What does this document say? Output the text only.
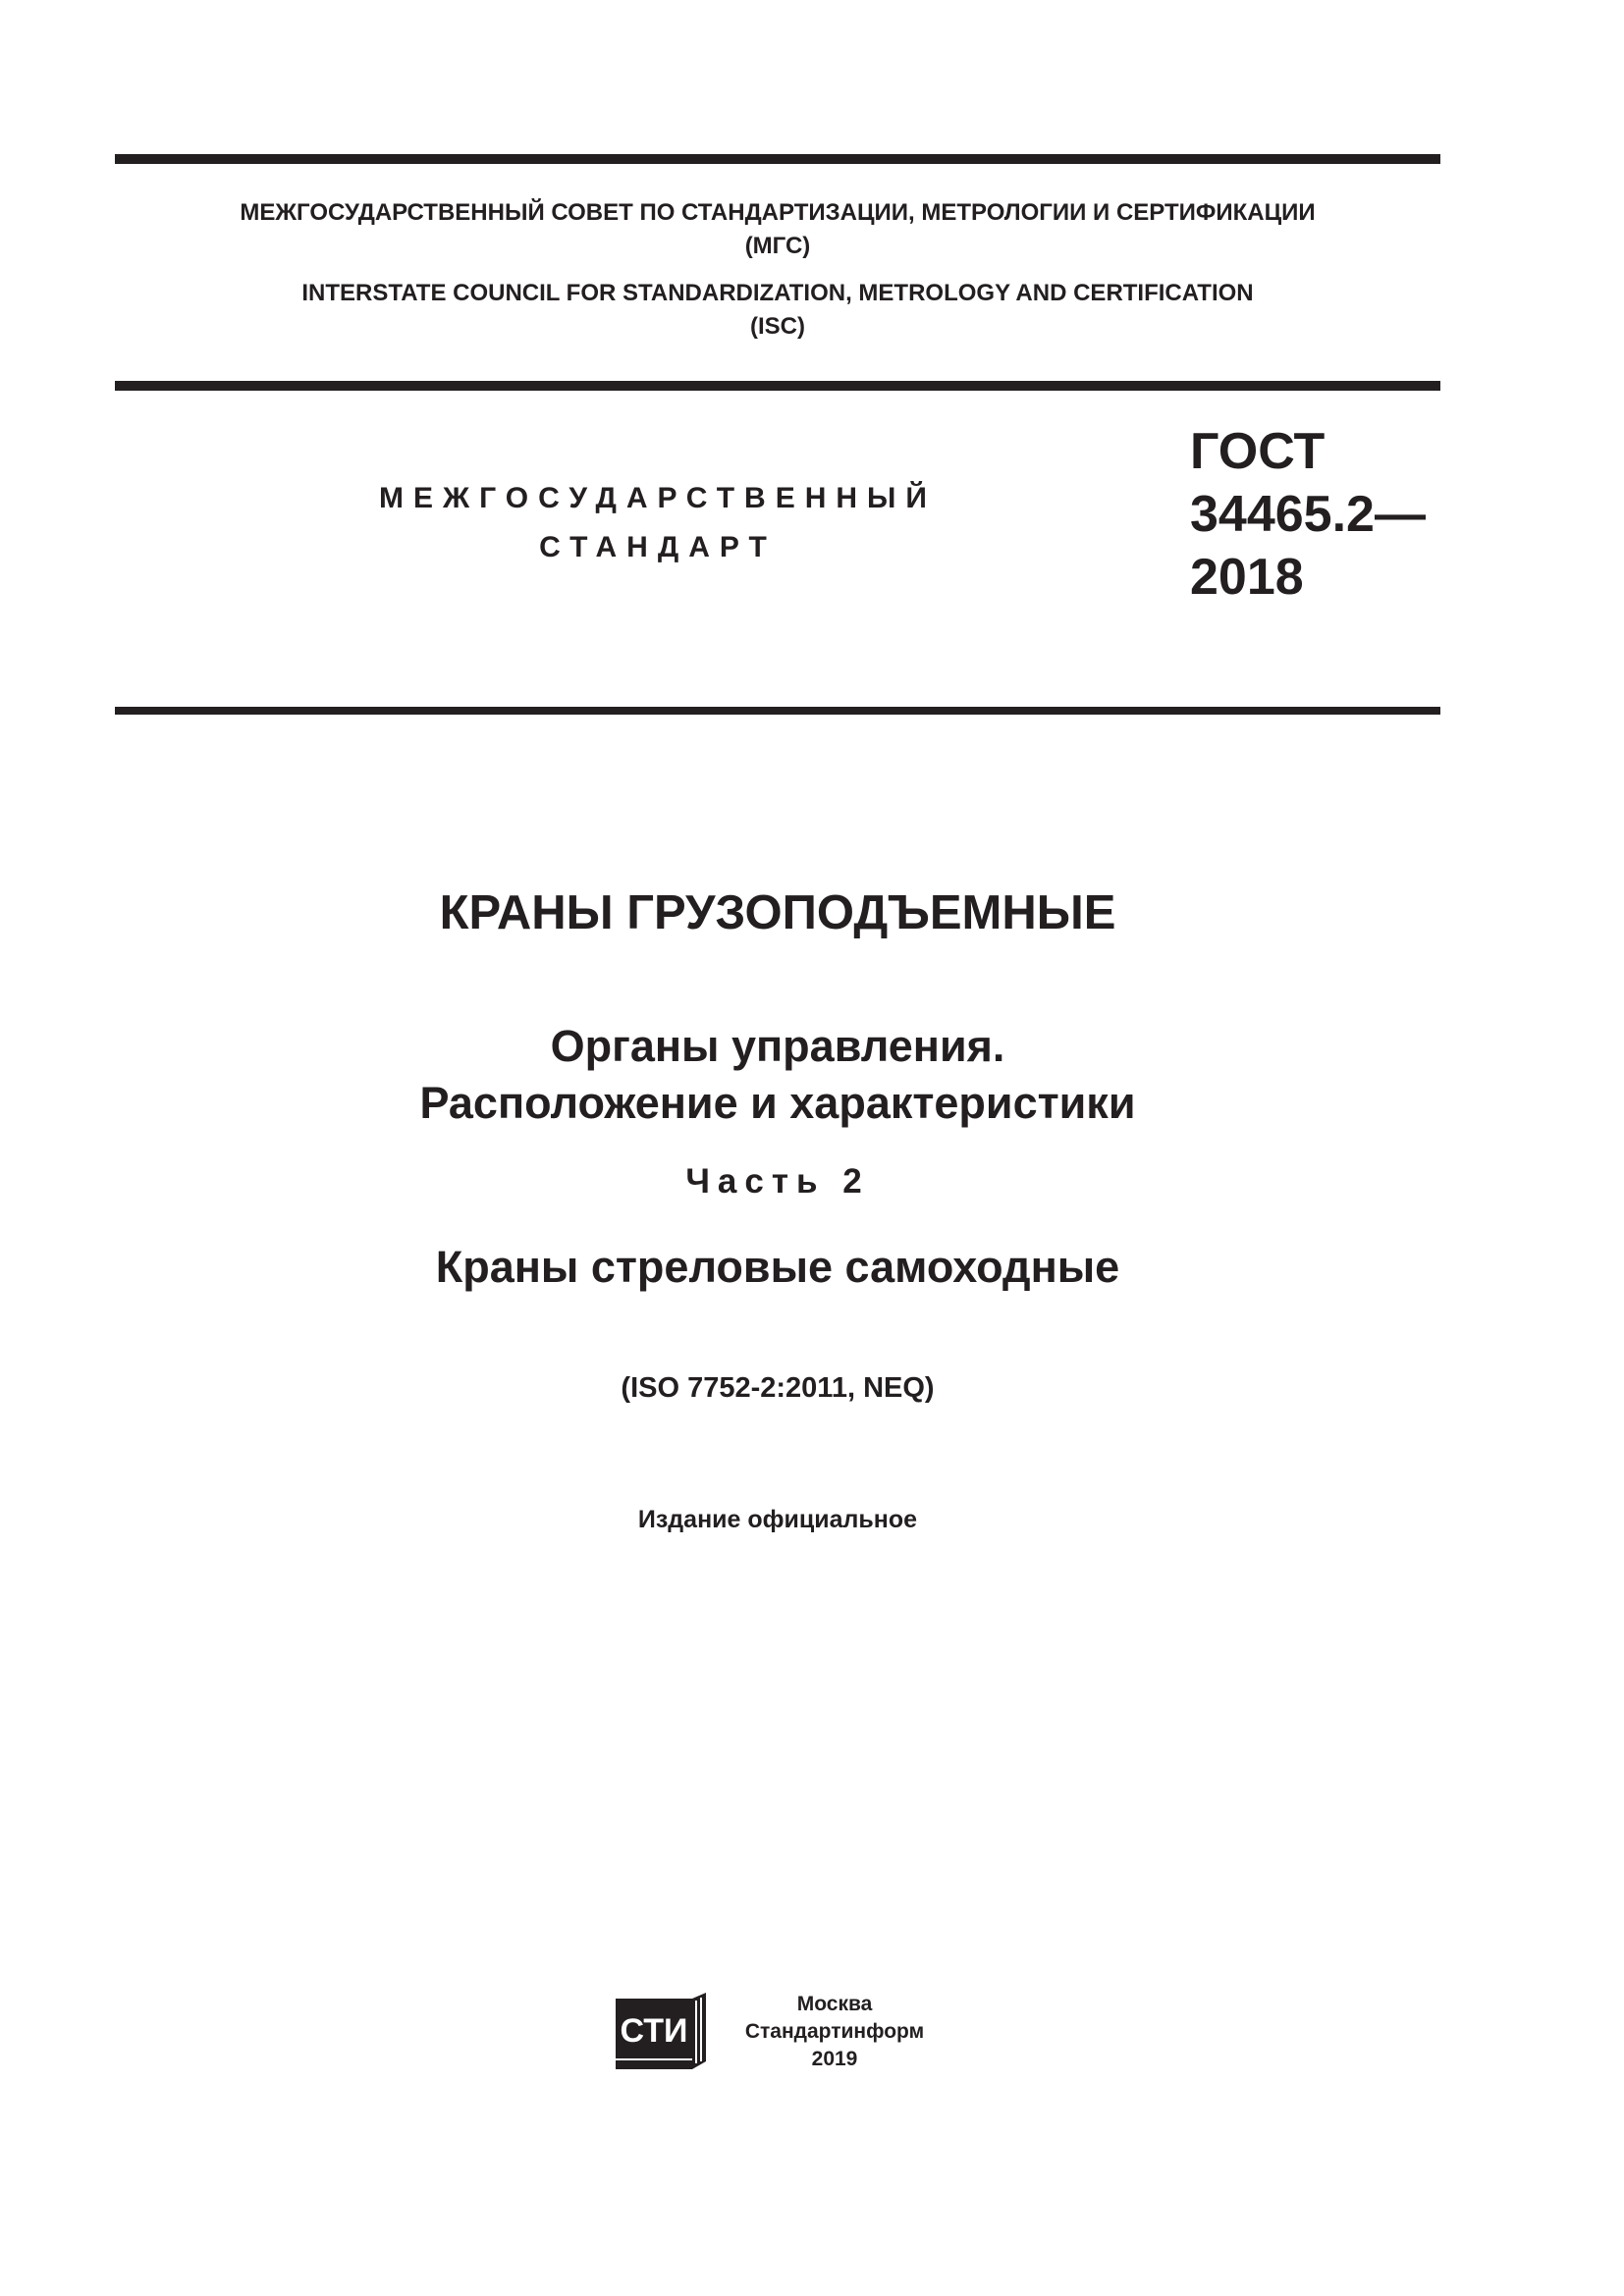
МЕЖГОСУДАРСТВЕННЫЙ СОВЕТ ПО СТАНДАРТИЗАЦИИ, МЕТРОЛОГИИ И СЕРТИФИКАЦИИ
(МГС)
INTERSTATE COUNCIL FOR STANDARDIZATION, METROLOGY AND CERTIFICATION
(ISC)
МЕЖГОСУДАРСТВЕННЫЙ
СТАНДАРТ
ГОСТ
34465.2—
2018
КРАНЫ ГРУЗОПОДЪЕМНЫЕ
Органы управления.
Расположение и характеристики
Часть 2
Краны стреловые самоходные
(ISO 7752-2:2011, NEQ)
Издание официальное
СТИ
Москва
Стандартинформ
2019
